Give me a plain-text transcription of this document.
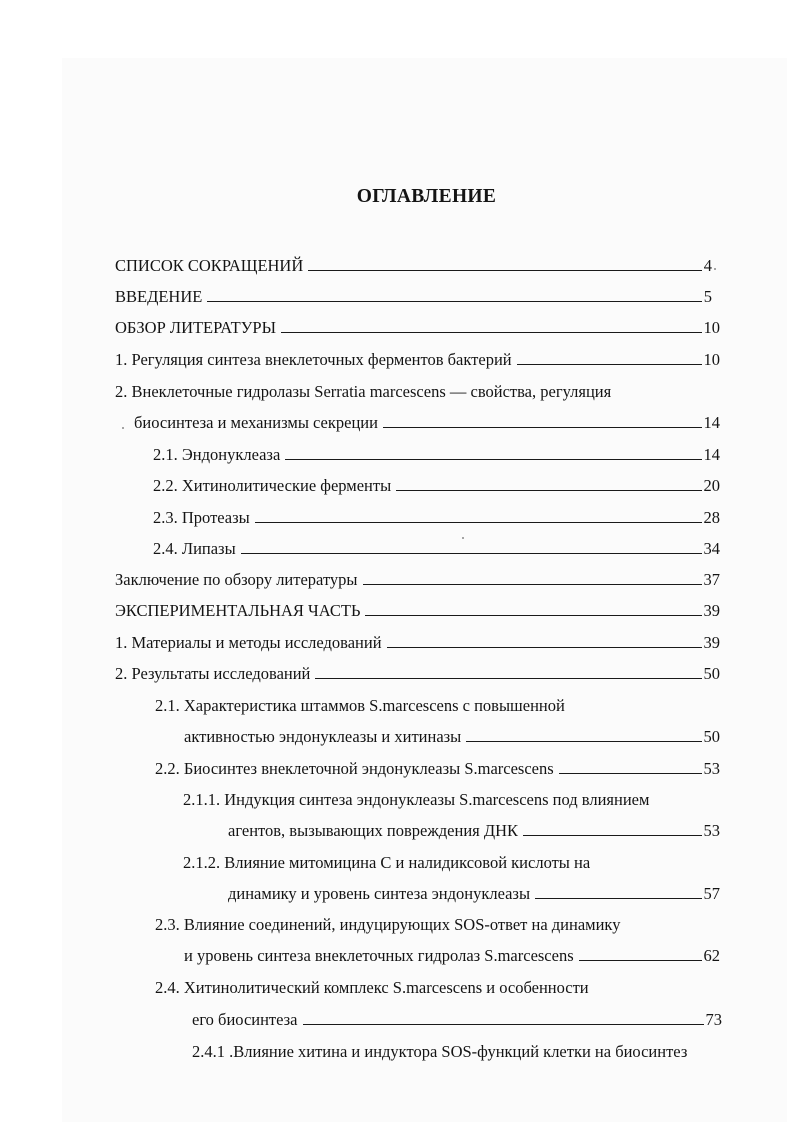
ОГЛАВЛЕНИЕ
СПИСОК СОКРАЩЕНИЙ	4
ВВЕДЕНИЕ	5
ОБЗОР ЛИТЕРАТУРЫ	10
1. Регуляция синтеза внеклеточных ферментов бактерий	10
2. Внеклеточные гидролазы Serratia marcescens — свойства, регуляция
биосинтеза и механизмы секреции	14
2.1. Эндонуклеаза	14
2.2. Хитинолитические ферменты	20
2.3. Протеазы	28
2.4. Липазы	34
Заключение по обзору литературы	37
ЭКСПЕРИМЕНТАЛЬНАЯ ЧАСТЬ	39
1. Материалы и методы исследований	39
2. Результаты исследований	50
2.1. Характеристика штаммов S.marcescens с повышенной
активностью эндонуклеазы и хитиназы	50
2.2. Биосинтез внеклеточной эндонуклеазы S.marcescens	53
2.1.1. Индукция синтеза эндонуклеазы S.marcescens под влиянием
агентов, вызывающих повреждения ДНК	53
2.1.2. Влияние митомицина С и налидиксовой кислоты на
динамику и уровень синтеза эндонуклеазы	57
2.3. Влияние соединений, индуцирующих SOS-ответ на динамику
и уровень синтеза внеклеточных гидролаз S.marcescens	62
2.4. Хитинолитический комплекс S.marcescens и особенности
его биосинтеза	73
2.4.1 .Влияние хитина и индуктора SOS-функций клетки на биосинтез
